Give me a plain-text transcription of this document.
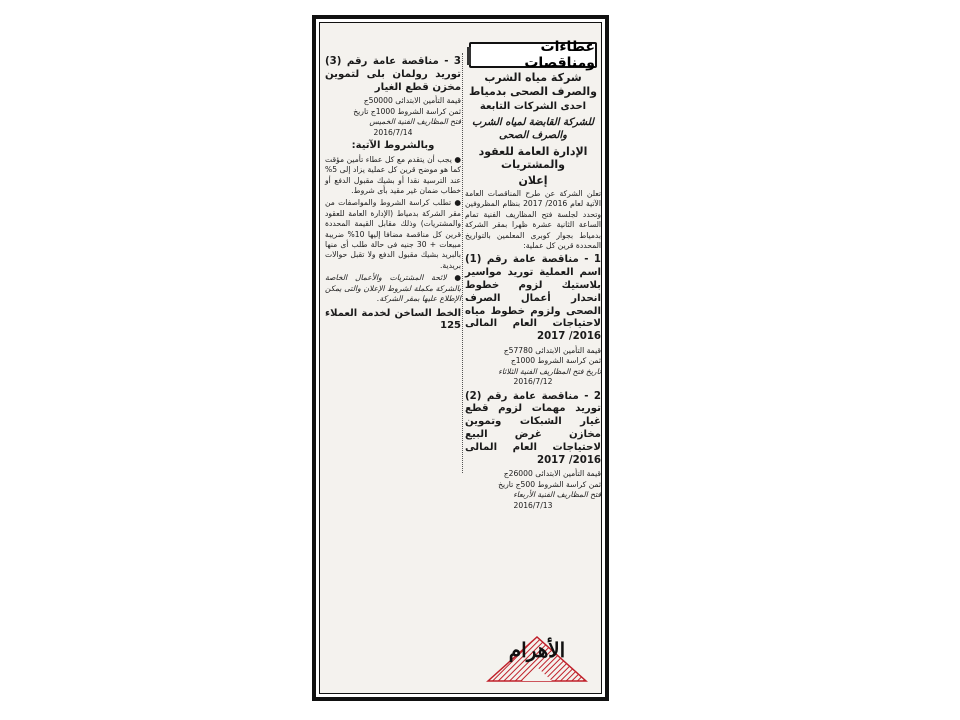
عطاءات ومناقصات

شركة مياه الشرب والصرف الصحى بدمياط

احدى الشركات التابعة

للشركة القابضة لمياه الشرب والصرف الصحى

الإدارة العامة للعقود والمشتريات

إعلان

تعلن الشركة عن طرح المناقصات العامة الآتية لعام 2016/ 2017 بنظام المظروفين وتحدد لجلسة فتح المظاريف الفنية تمام الساعة الثانية عشرة ظهرا بمقر الشركة بدمياط بجوار كوبرى المعلمين بالتواريخ المحددة قرين كل عملية:

1 - مناقصة عامة رقم (1) اسم العملية توريد مواسير بلاستيك لزوم خطوط انحدار أعمال الصرف الصحى ولزوم خطوط مياه لاحتياجات العام المالى 2016/ 2017

قيمة التأمين الابتدائى 57780ج

ثمن كراسة الشروط 1000ج

تاريخ فتح المظاريف الفنية الثلاثاء

2016/7/12

2 - مناقصة عامة رقم (2) توريد مهمات لزوم قطع غيار الشبكات وتموين مخازن غرض البيع لاحتياجات العام المالى 2016/ 2017

قيمة التأمين الابتدائى 26000ج

ثمن كراسة الشروط 500ج تاريخ

فتح المظاريف الفنية الأربعاء

2016/7/13

3 - مناقصة عامة رقم (3) توريد رولمان بلى لتموين مخزن قطع الغيار

قيمة التأمين الابتدائى 50000ج

ثمن كراسة الشروط 1000ج تاريخ

فتح المظاريف الفنية الخميس

2016/7/14

وبالشروط الآتية:

● يجب أن يتقدم مع كل عطاء تأمين مؤقت كما هو موضح قرين كل عملية يزاد إلى 5% عند الترسية نقدا أو بشيك مقبول الدفع أو خطاب ضمان غير مقيد بأى شروط.

● تطلب كراسة الشروط والمواصفات من مقر الشركة بدمياط (الإدارة العامة للعقود والمشتريات) وذلك مقابل القيمة المحددة قرين كل مناقصة مضافا إليها 10% ضريبة مبيعات + 30 جنيه فى حالة طلب أى منها بالبريد بشيك مقبول الدفع ولا تقبل حوالات بريدية.

● لائحة المشتريات والأعمال الخاصة بالشركة مكملة لشروط الإعلان والتى يمكن الإطلاع عليها بمقر الشركة.

الخط الساخن لخدمة العملاء 125

الأهرام
